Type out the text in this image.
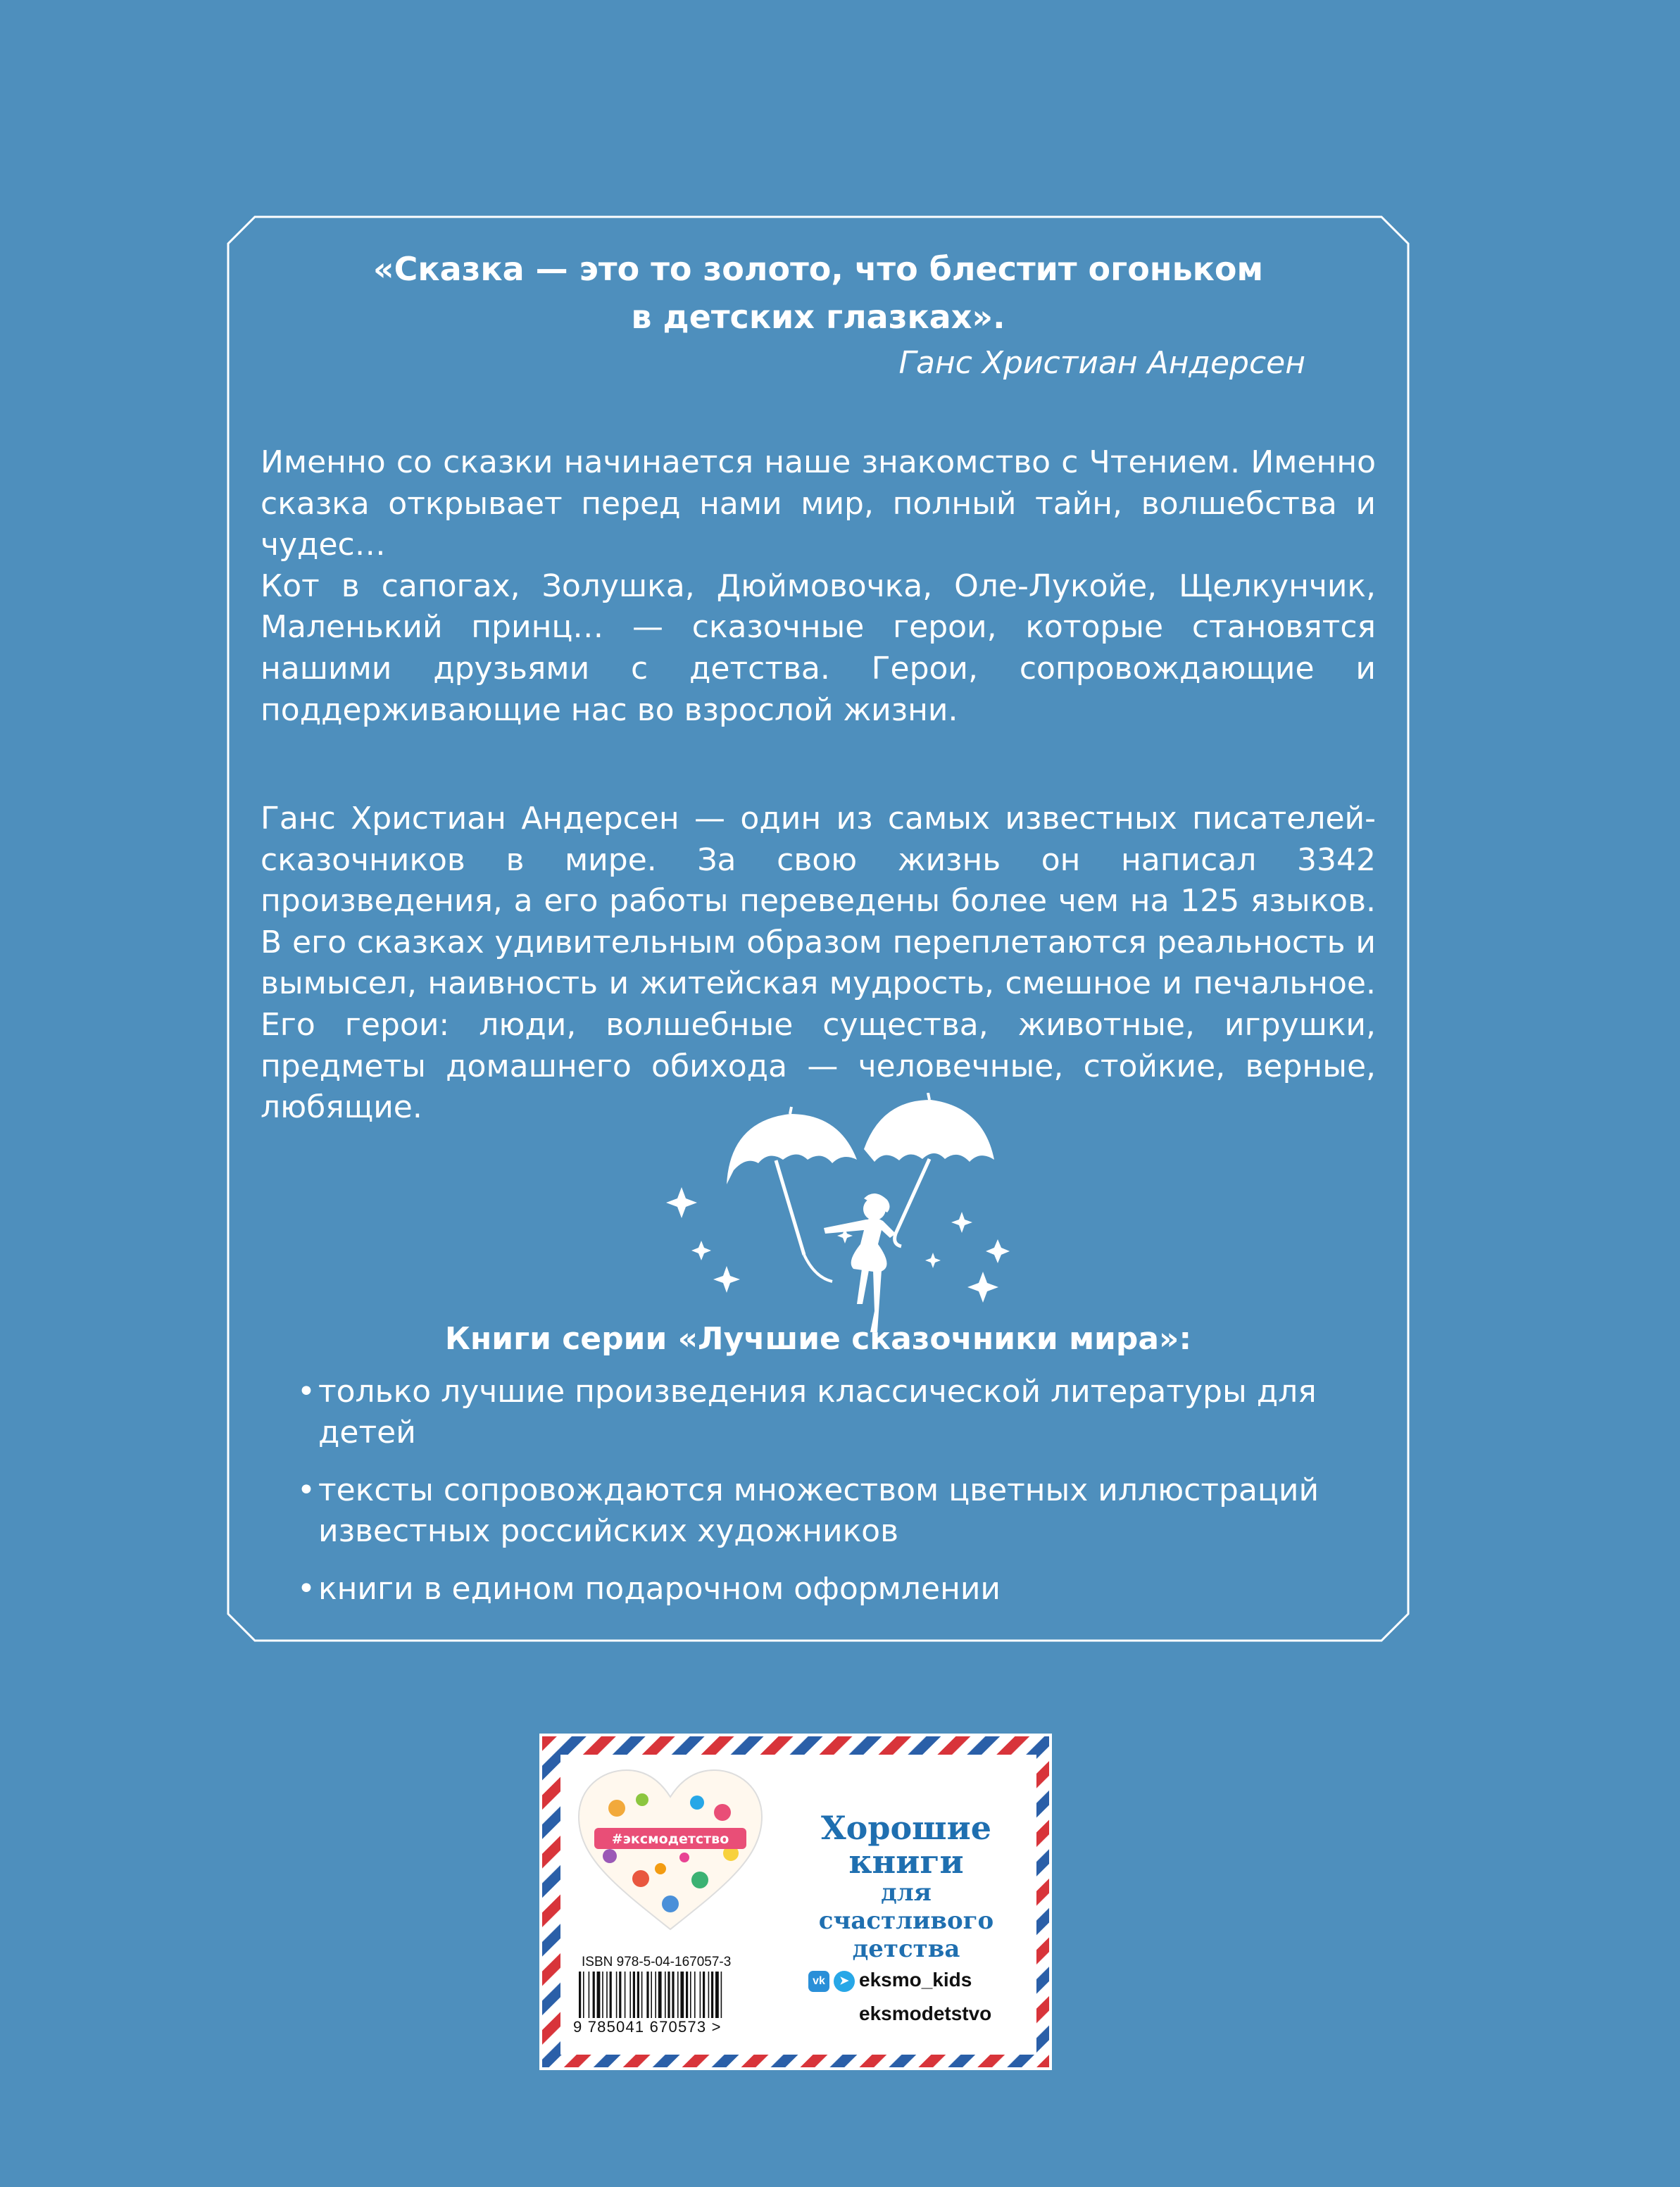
«Сказка — это то золото, что блестит огоньком
в детских глазках».
Ганс Христиан Андерсен

Именно со сказки начинается наше знакомство с Чтением. Именно сказка открывает перед нами мир, полный тайн, волшебства и чудес…

Кот в сапогах, Золушка, Дюймовочка, Оле-Лукойе, Щелкунчик, Маленький принц… — сказочные герои, которые становятся нашими друзьями с детства. Герои, сопровождающие и поддерживающие нас во взрослой жизни.

Ганс Христиан Андерсен — один из самых известных писателей-сказочников в мире. За свою жизнь он написал 3342 произведения, а его работы переведены более чем на 125 языков. В его сказках удивительным образом переплетаются реальность и вымысел, наивность и житейская мудрость, смешное и печальное. Его герои: люди, волшебные существа, животные, игрушки, предметы домашнего обихода — человечные, стойкие, верные, любящие.

Книги серии «Лучшие сказочники мира»:
• только лучшие произведения классической литературы для детей
• тексты сопровождаются множеством цветных иллюстраций известных российских художников
• книги в едином подарочном оформлении
#эксмодетство	Хорошие
книги
для счастливого
детства
ISBN 978-5-04-167057-3
9 785041 670573 >
vk ➤ eksmo_kids
eksmodetstvo
